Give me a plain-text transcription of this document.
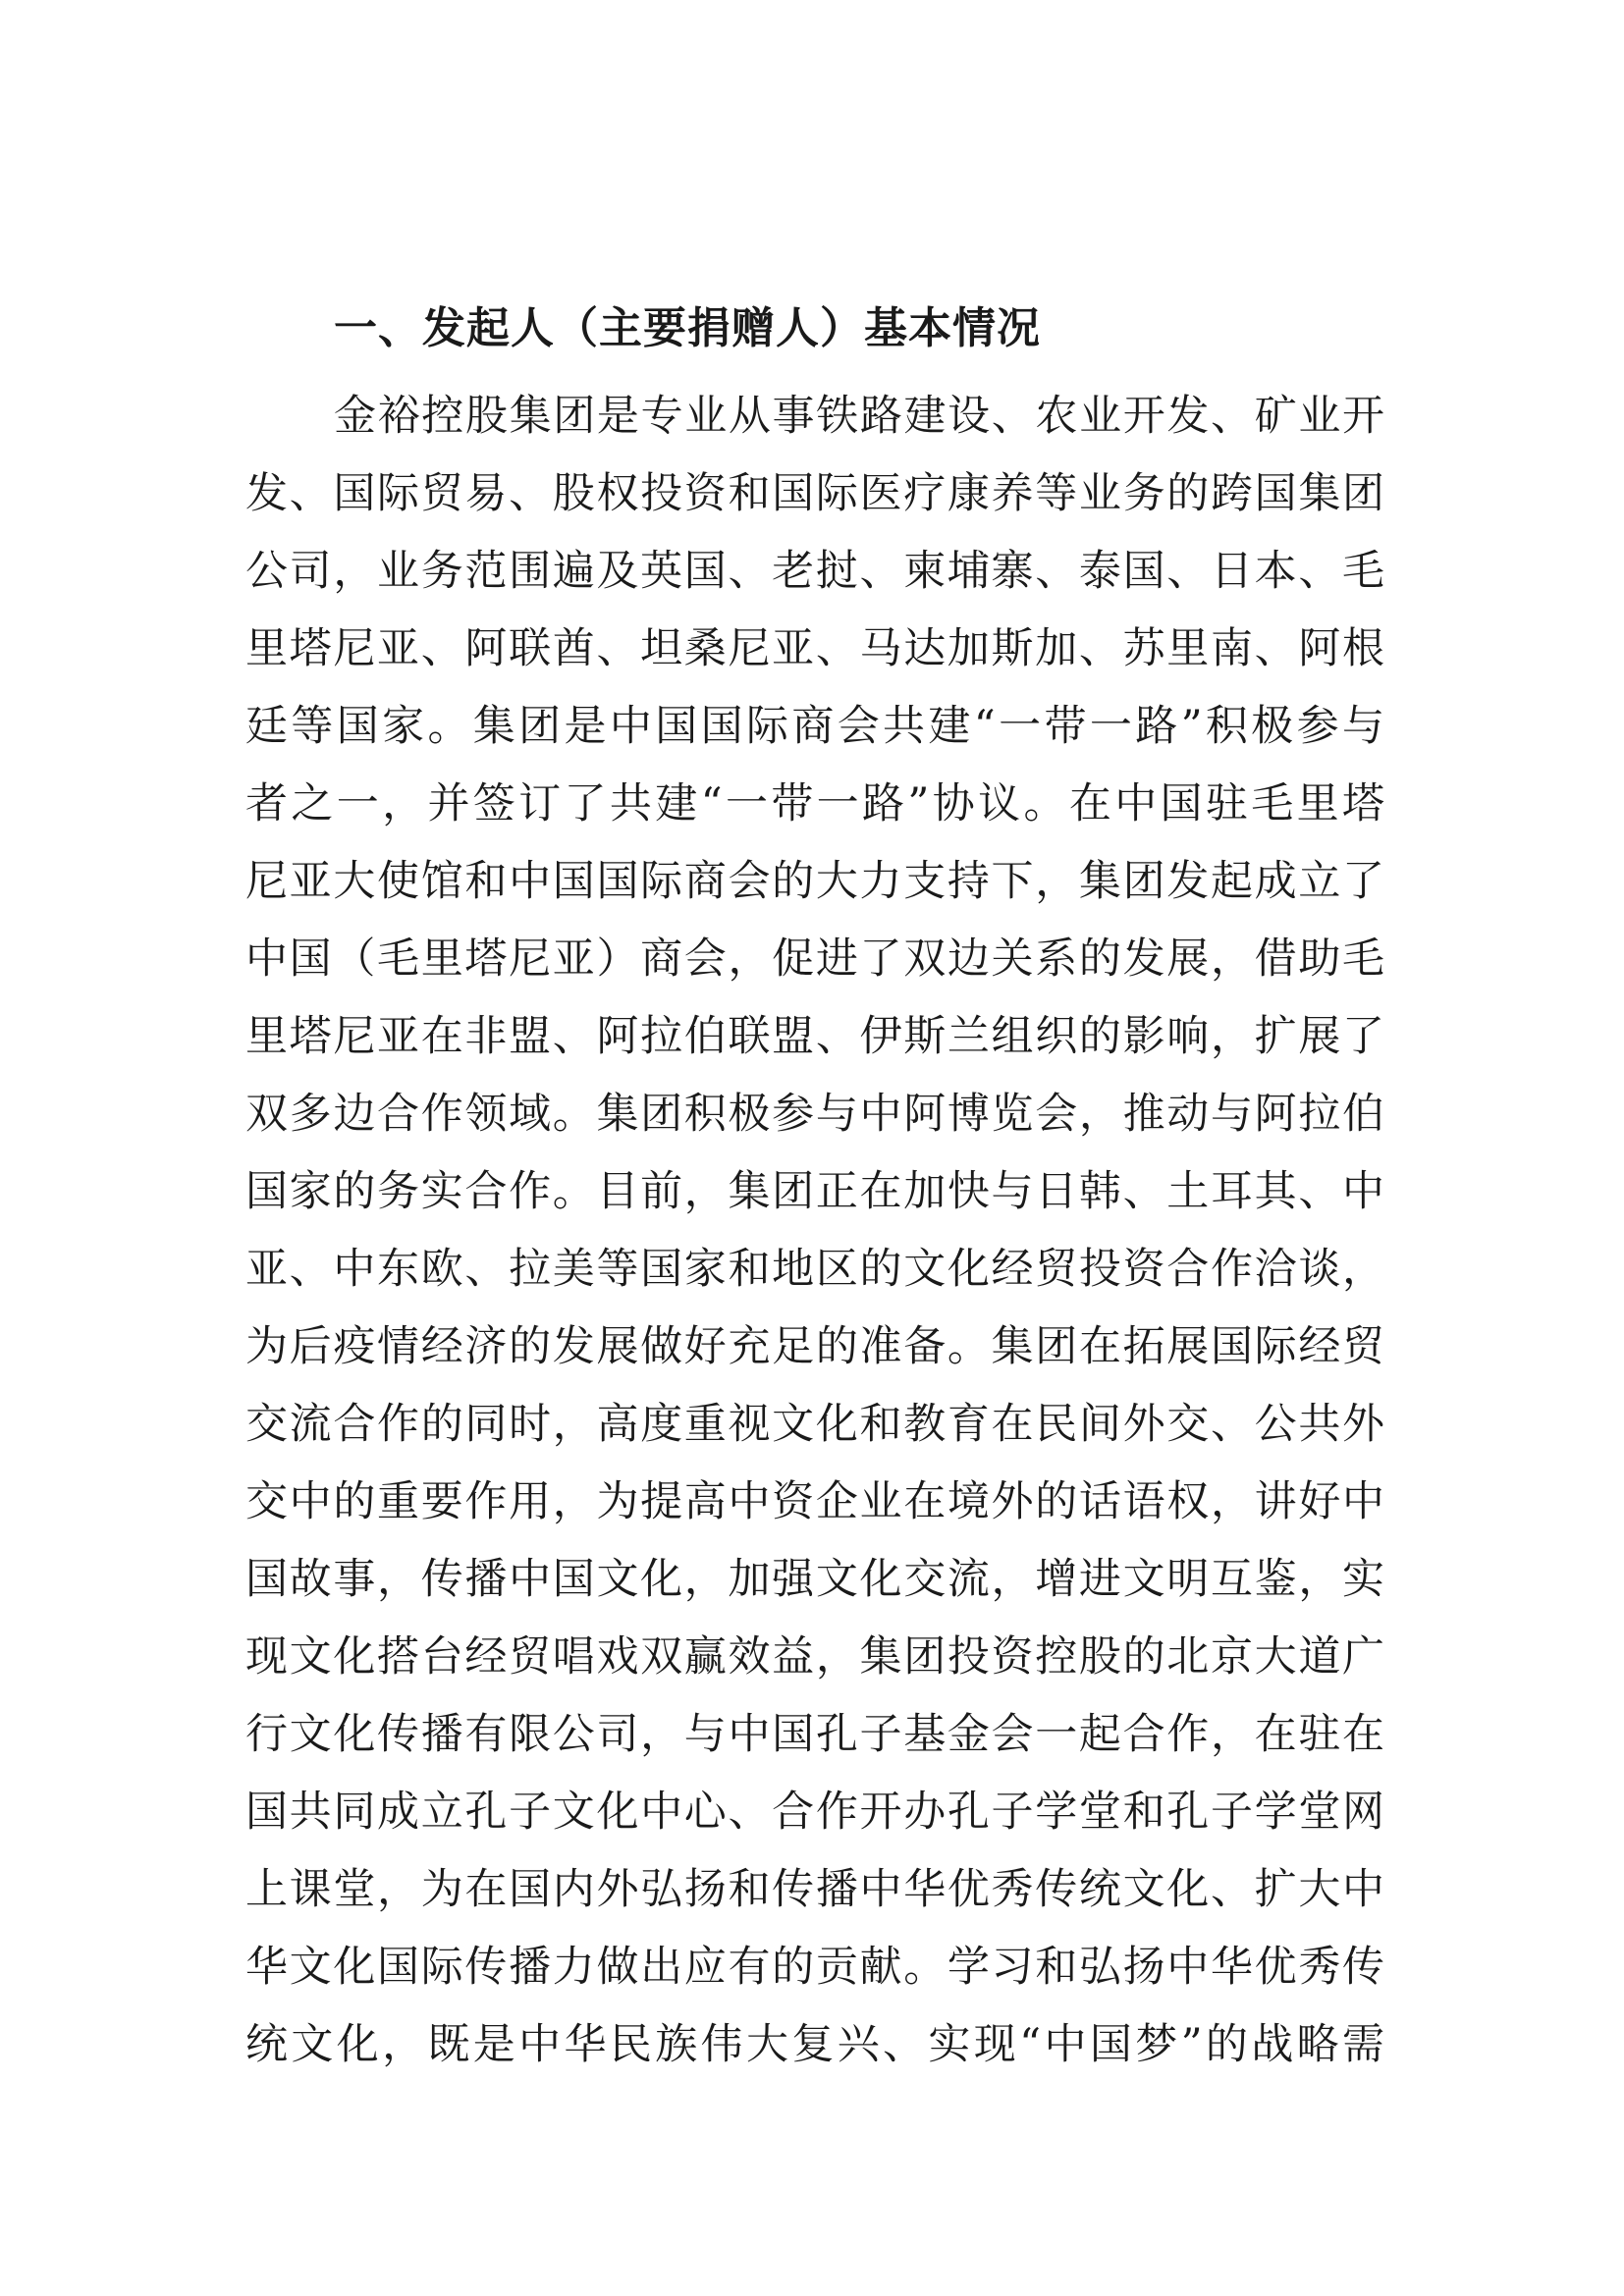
一、发起人（主要捐赠人）基本情况
金裕控股集团是专业从事铁路建设、农业开发、矿业开
发、国际贸易、股权投资和国际医疗康养等业务的跨国集团
公司，业务范围遍及英国、老挝、柬埔寨、泰国、日本、毛
里塔尼亚、阿联酋、坦桑尼亚、马达加斯加、苏里南、阿根
廷等国家。集团是中国国际商会共建“一带一路”积极参与
者之一，并签订了共建“一带一路”协议。在中国驻毛里塔
尼亚大使馆和中国国际商会的大力支持下，集团发起成立了
中国（毛里塔尼亚）商会，促进了双边关系的发展，借助毛
里塔尼亚在非盟、阿拉伯联盟、伊斯兰组织的影响，扩展了
双多边合作领域。集团积极参与中阿博览会，推动与阿拉伯
国家的务实合作。目前，集团正在加快与日韩、土耳其、中
亚、中东欧、拉美等国家和地区的文化经贸投资合作洽谈，
为后疫情经济的发展做好充足的准备。集团在拓展国际经贸
交流合作的同时，高度重视文化和教育在民间外交、公共外
交中的重要作用，为提高中资企业在境外的话语权，讲好中
国故事，传播中国文化，加强文化交流，增进文明互鉴，实
现文化搭台经贸唱戏双赢效益，集团投资控股的北京大道广
行文化传播有限公司，与中国孔子基金会一起合作，在驻在
国共同成立孔子文化中心、合作开办孔子学堂和孔子学堂网
上课堂，为在国内外弘扬和传播中华优秀传统文化、扩大中
华文化国际传播力做出应有的贡献。学习和弘扬中华优秀传
统文化，既是中华民族伟大复兴、实现“中国梦”的战略需
